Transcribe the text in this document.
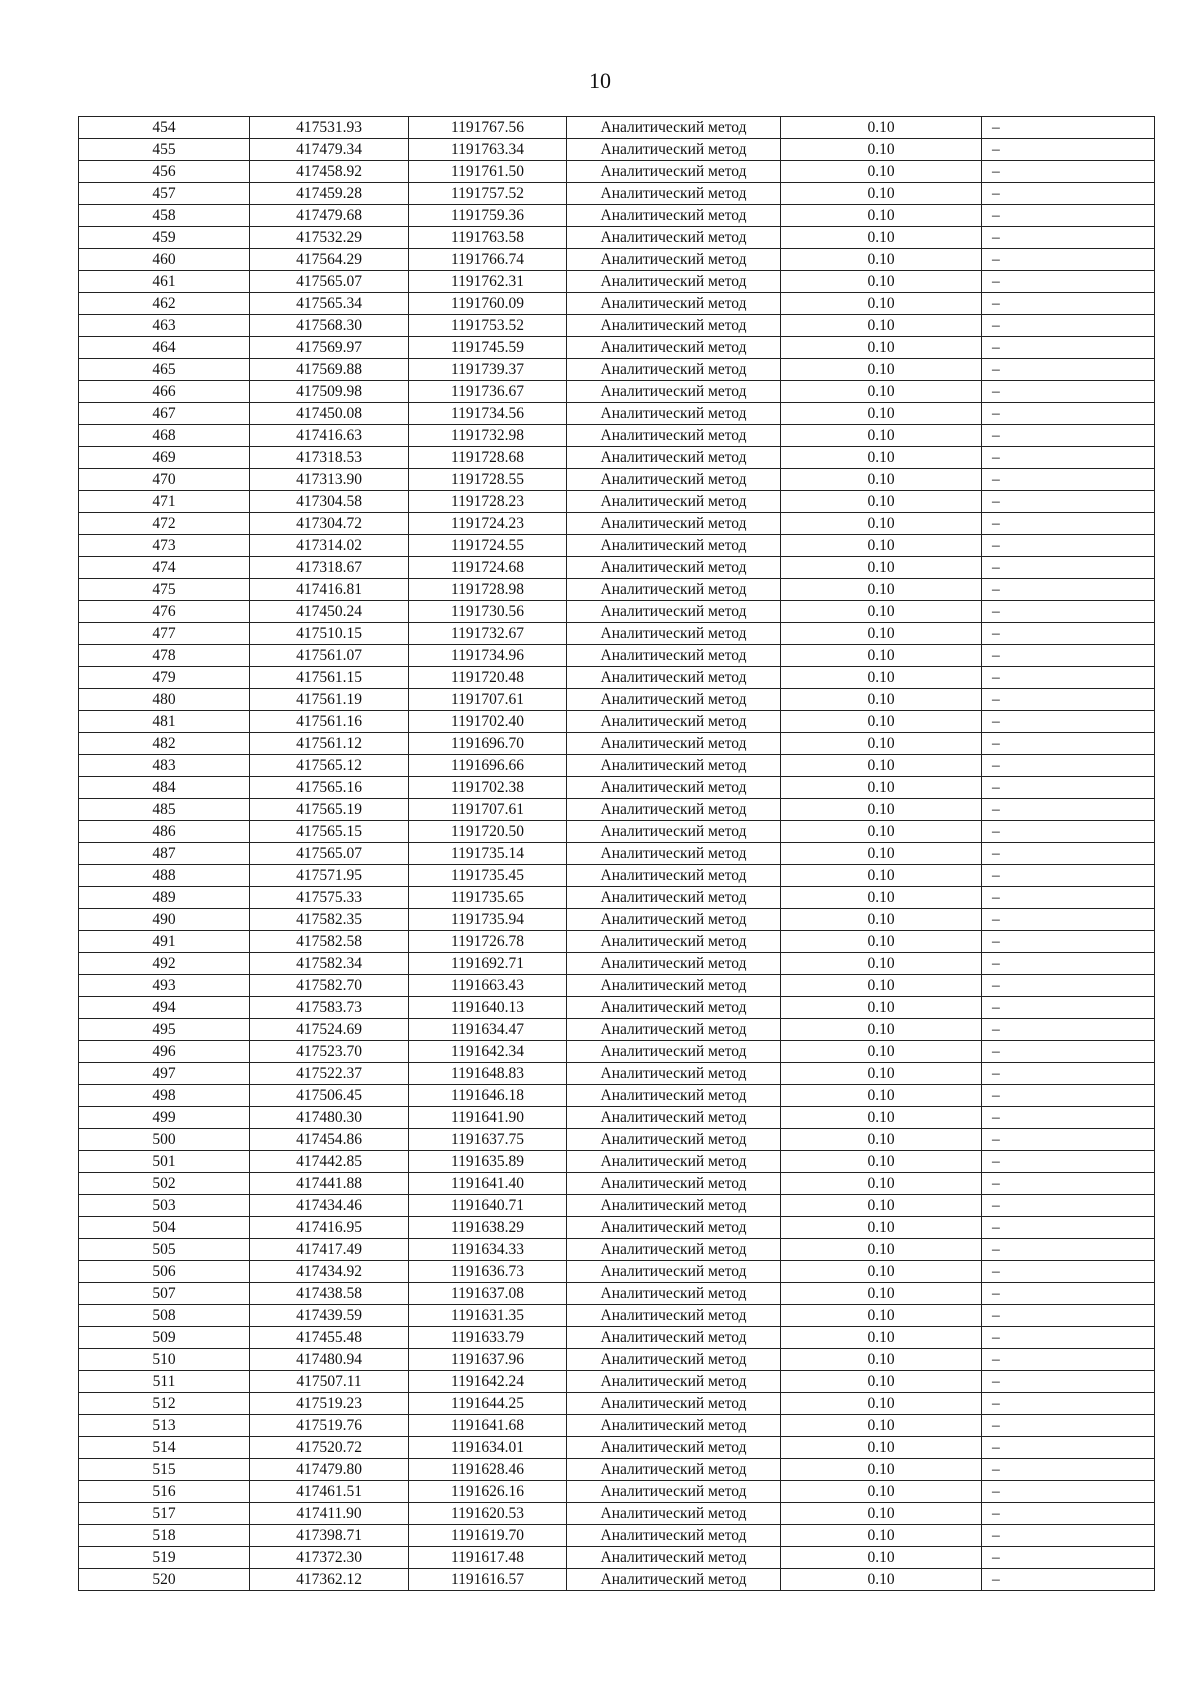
10
454	417531.93	1191767.56	Аналитический метод	0.10	–
455	417479.34	1191763.34	Аналитический метод	0.10	–
456	417458.92	1191761.50	Аналитический метод	0.10	–
457	417459.28	1191757.52	Аналитический метод	0.10	–
458	417479.68	1191759.36	Аналитический метод	0.10	–
459	417532.29	1191763.58	Аналитический метод	0.10	–
460	417564.29	1191766.74	Аналитический метод	0.10	–
461	417565.07	1191762.31	Аналитический метод	0.10	–
462	417565.34	1191760.09	Аналитический метод	0.10	–
463	417568.30	1191753.52	Аналитический метод	0.10	–
464	417569.97	1191745.59	Аналитический метод	0.10	–
465	417569.88	1191739.37	Аналитический метод	0.10	–
466	417509.98	1191736.67	Аналитический метод	0.10	–
467	417450.08	1191734.56	Аналитический метод	0.10	–
468	417416.63	1191732.98	Аналитический метод	0.10	–
469	417318.53	1191728.68	Аналитический метод	0.10	–
470	417313.90	1191728.55	Аналитический метод	0.10	–
471	417304.58	1191728.23	Аналитический метод	0.10	–
472	417304.72	1191724.23	Аналитический метод	0.10	–
473	417314.02	1191724.55	Аналитический метод	0.10	–
474	417318.67	1191724.68	Аналитический метод	0.10	–
475	417416.81	1191728.98	Аналитический метод	0.10	–
476	417450.24	1191730.56	Аналитический метод	0.10	–
477	417510.15	1191732.67	Аналитический метод	0.10	–
478	417561.07	1191734.96	Аналитический метод	0.10	–
479	417561.15	1191720.48	Аналитический метод	0.10	–
480	417561.19	1191707.61	Аналитический метод	0.10	–
481	417561.16	1191702.40	Аналитический метод	0.10	–
482	417561.12	1191696.70	Аналитический метод	0.10	–
483	417565.12	1191696.66	Аналитический метод	0.10	–
484	417565.16	1191702.38	Аналитический метод	0.10	–
485	417565.19	1191707.61	Аналитический метод	0.10	–
486	417565.15	1191720.50	Аналитический метод	0.10	–
487	417565.07	1191735.14	Аналитический метод	0.10	–
488	417571.95	1191735.45	Аналитический метод	0.10	–
489	417575.33	1191735.65	Аналитический метод	0.10	–
490	417582.35	1191735.94	Аналитический метод	0.10	–
491	417582.58	1191726.78	Аналитический метод	0.10	–
492	417582.34	1191692.71	Аналитический метод	0.10	–
493	417582.70	1191663.43	Аналитический метод	0.10	–
494	417583.73	1191640.13	Аналитический метод	0.10	–
495	417524.69	1191634.47	Аналитический метод	0.10	–
496	417523.70	1191642.34	Аналитический метод	0.10	–
497	417522.37	1191648.83	Аналитический метод	0.10	–
498	417506.45	1191646.18	Аналитический метод	0.10	–
499	417480.30	1191641.90	Аналитический метод	0.10	–
500	417454.86	1191637.75	Аналитический метод	0.10	–
501	417442.85	1191635.89	Аналитический метод	0.10	–
502	417441.88	1191641.40	Аналитический метод	0.10	–
503	417434.46	1191640.71	Аналитический метод	0.10	–
504	417416.95	1191638.29	Аналитический метод	0.10	–
505	417417.49	1191634.33	Аналитический метод	0.10	–
506	417434.92	1191636.73	Аналитический метод	0.10	–
507	417438.58	1191637.08	Аналитический метод	0.10	–
508	417439.59	1191631.35	Аналитический метод	0.10	–
509	417455.48	1191633.79	Аналитический метод	0.10	–
510	417480.94	1191637.96	Аналитический метод	0.10	–
511	417507.11	1191642.24	Аналитический метод	0.10	–
512	417519.23	1191644.25	Аналитический метод	0.10	–
513	417519.76	1191641.68	Аналитический метод	0.10	–
514	417520.72	1191634.01	Аналитический метод	0.10	–
515	417479.80	1191628.46	Аналитический метод	0.10	–
516	417461.51	1191626.16	Аналитический метод	0.10	–
517	417411.90	1191620.53	Аналитический метод	0.10	–
518	417398.71	1191619.70	Аналитический метод	0.10	–
519	417372.30	1191617.48	Аналитический метод	0.10	–
520	417362.12	1191616.57	Аналитический метод	0.10	–
